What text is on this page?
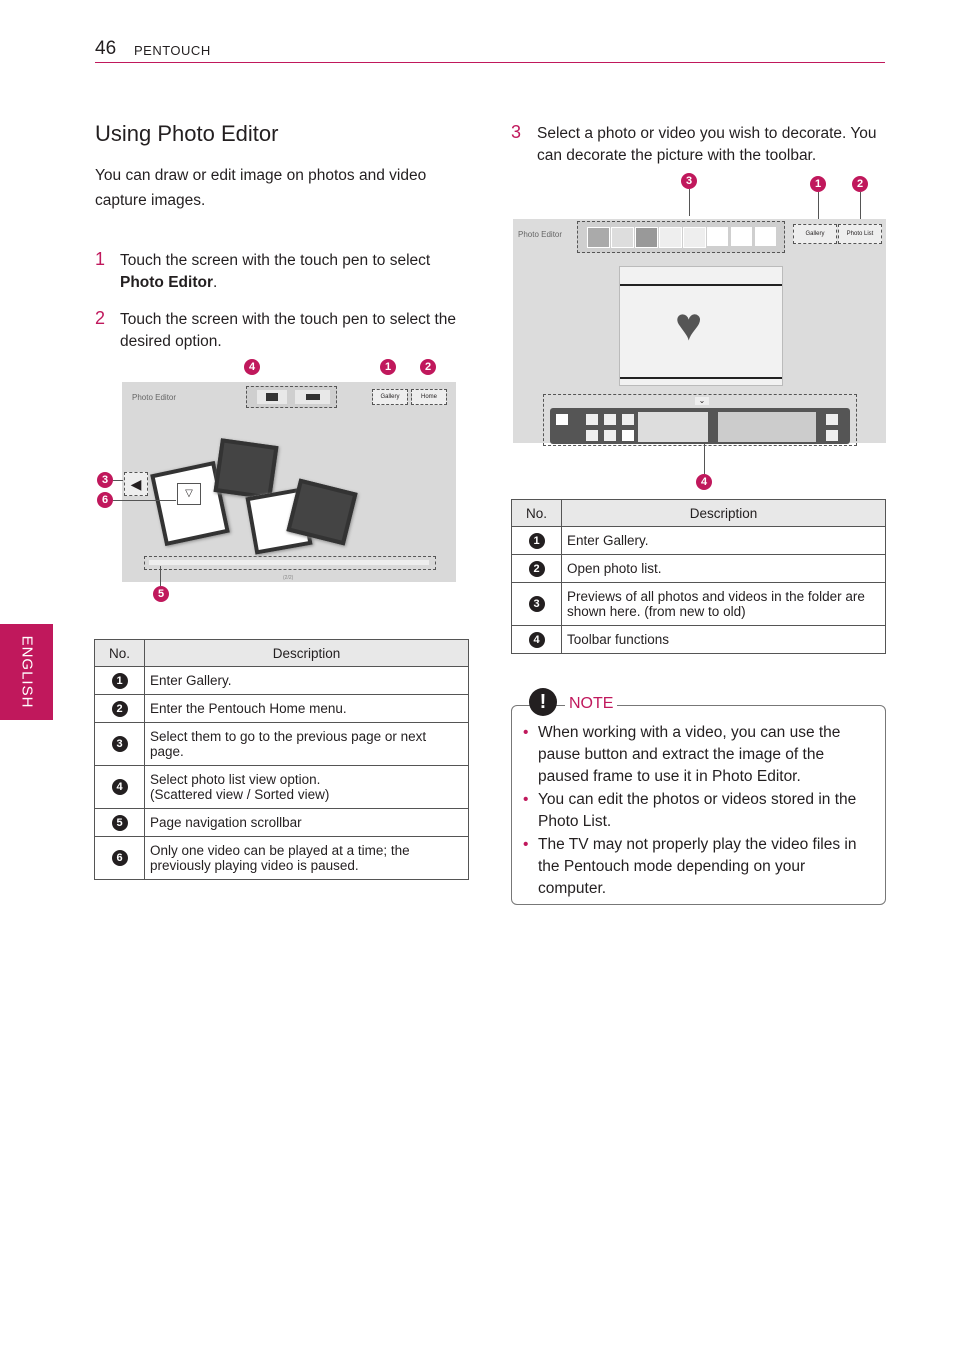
46 PENTOUCH
ENGLISH
Using Photo Editor
You can draw or edit image on photos and video capture images.
1 Touch the screen with the touch pen to select Photo Editor.
2 Touch the screen with the touch pen to select the desired option.
4	1	2
Photo Editor	Gallery	Home
◀
▽
(2/2)
3
6
5
No.	Description

1	Enter Gallery.

2	Enter the Pentouch Home menu.

3	Select them to go to the previous page or next page.

4	Select photo list view option.
(Scattered view / Sorted view)

5	Page navigation scrollbar

6	Only one video can be played at a time; the previously playing video is paused.
3 Select a photo or video you wish to decorate. You can decorate the picture with the toolbar.
3	1	2
Photo Editor	Gallery	Photo List
♥
⌄
4
No.	Description

1	Enter Gallery.

2	Open photo list.

3	Previews of all photos and videos in the folder are shown here. (from new to old)

4	Toolbar functions
• When working with a video, you can use the pause button and extract the image of the paused frame to use it in Photo Editor.
• You can edit the photos or videos stored in the Photo List.
• The TV may not properly play the video files in the Pentouch mode depending on your computer.
!	NOTE
